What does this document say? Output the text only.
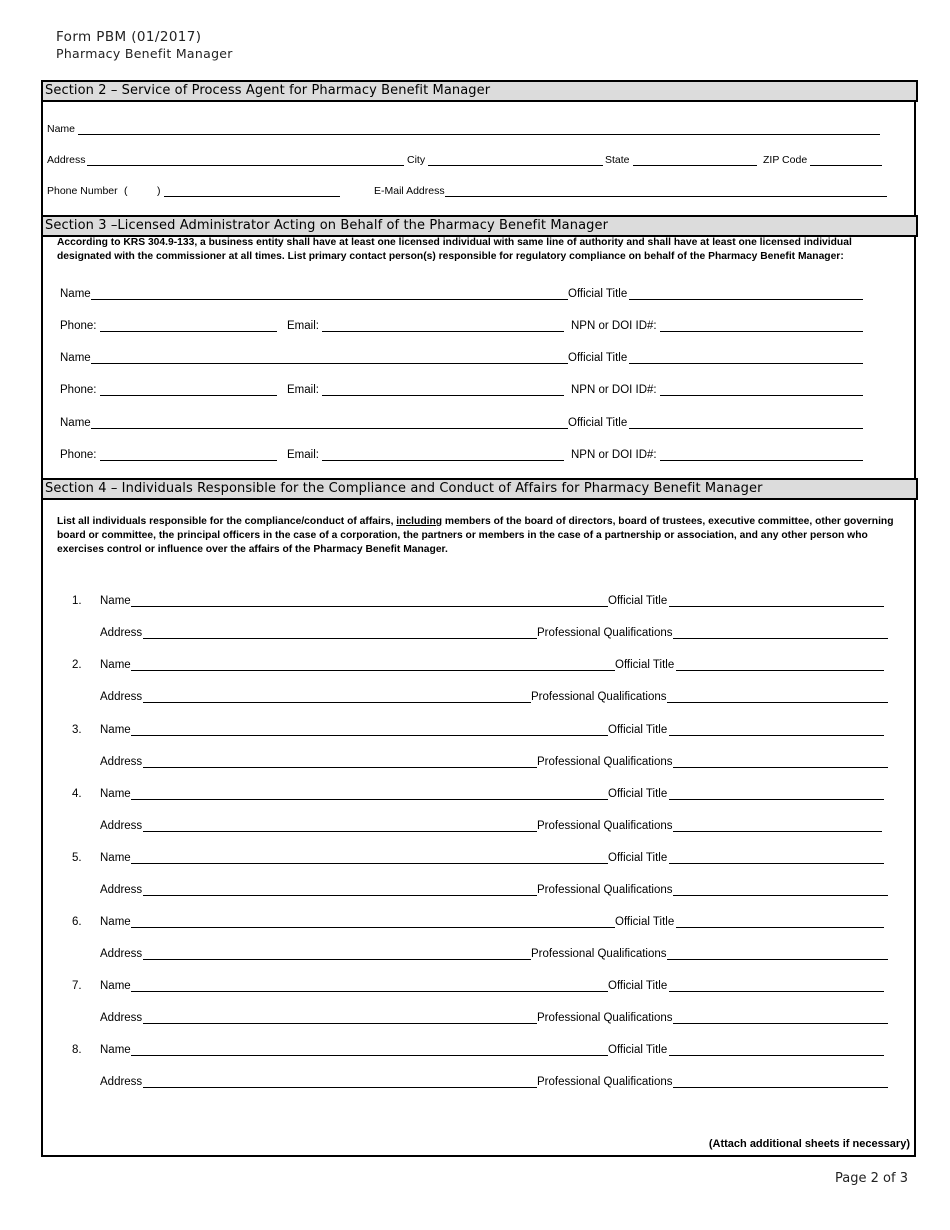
Form PBM (01/2017)
Pharmacy Benefit Manager
Section 2 – Service of Process Agent for Pharmacy Benefit Manager
Name
Address	City	State	ZIP Code
Phone Number (	)	E-Mail Address
Section 3 –Licensed Administrator Acting on Behalf of the Pharmacy Benefit Manager
According to KRS 304.9-133, a business entity shall have at least one licensed individual with same line of authority and shall have at least one licensed individual designated with the commissioner at all times. List primary contact person(s) responsible for regulatory compliance on behalf of the Pharmacy Benefit Manager:
Name	Official Title
Phone:	Email:	NPN or DOI ID#:
Name	Official Title
Phone:	Email:	NPN or DOI ID#:
Name	Official Title
Phone:	Email:	NPN or DOI ID#:
Section 4 – Individuals Responsible for the Compliance and Conduct of Affairs for Pharmacy Benefit Manager
List all individuals responsible for the compliance/conduct of affairs, including members of the board of directors, board of trustees, executive committee, other governing board or committee, the principal officers in the case of a corporation, the partners or members in the case of a partnership or association, and any other person who exercises control or influence over the affairs of the Pharmacy Benefit Manager.
1. Name	Official Title
Address	Professional Qualifications
2. Name	Official Title
Address	Professional Qualifications
3. Name	Official Title
Address	Professional Qualifications
4. Name	Official Title
Address	Professional Qualifications
5. Name	Official Title
Address	Professional Qualifications
6. Name	Official Title
Address	Professional Qualifications
7. Name	Official Title
Address	Professional Qualifications
8. Name	Official Title
Address	Professional Qualifications
(Attach additional sheets if necessary)
Page 2 of 3
